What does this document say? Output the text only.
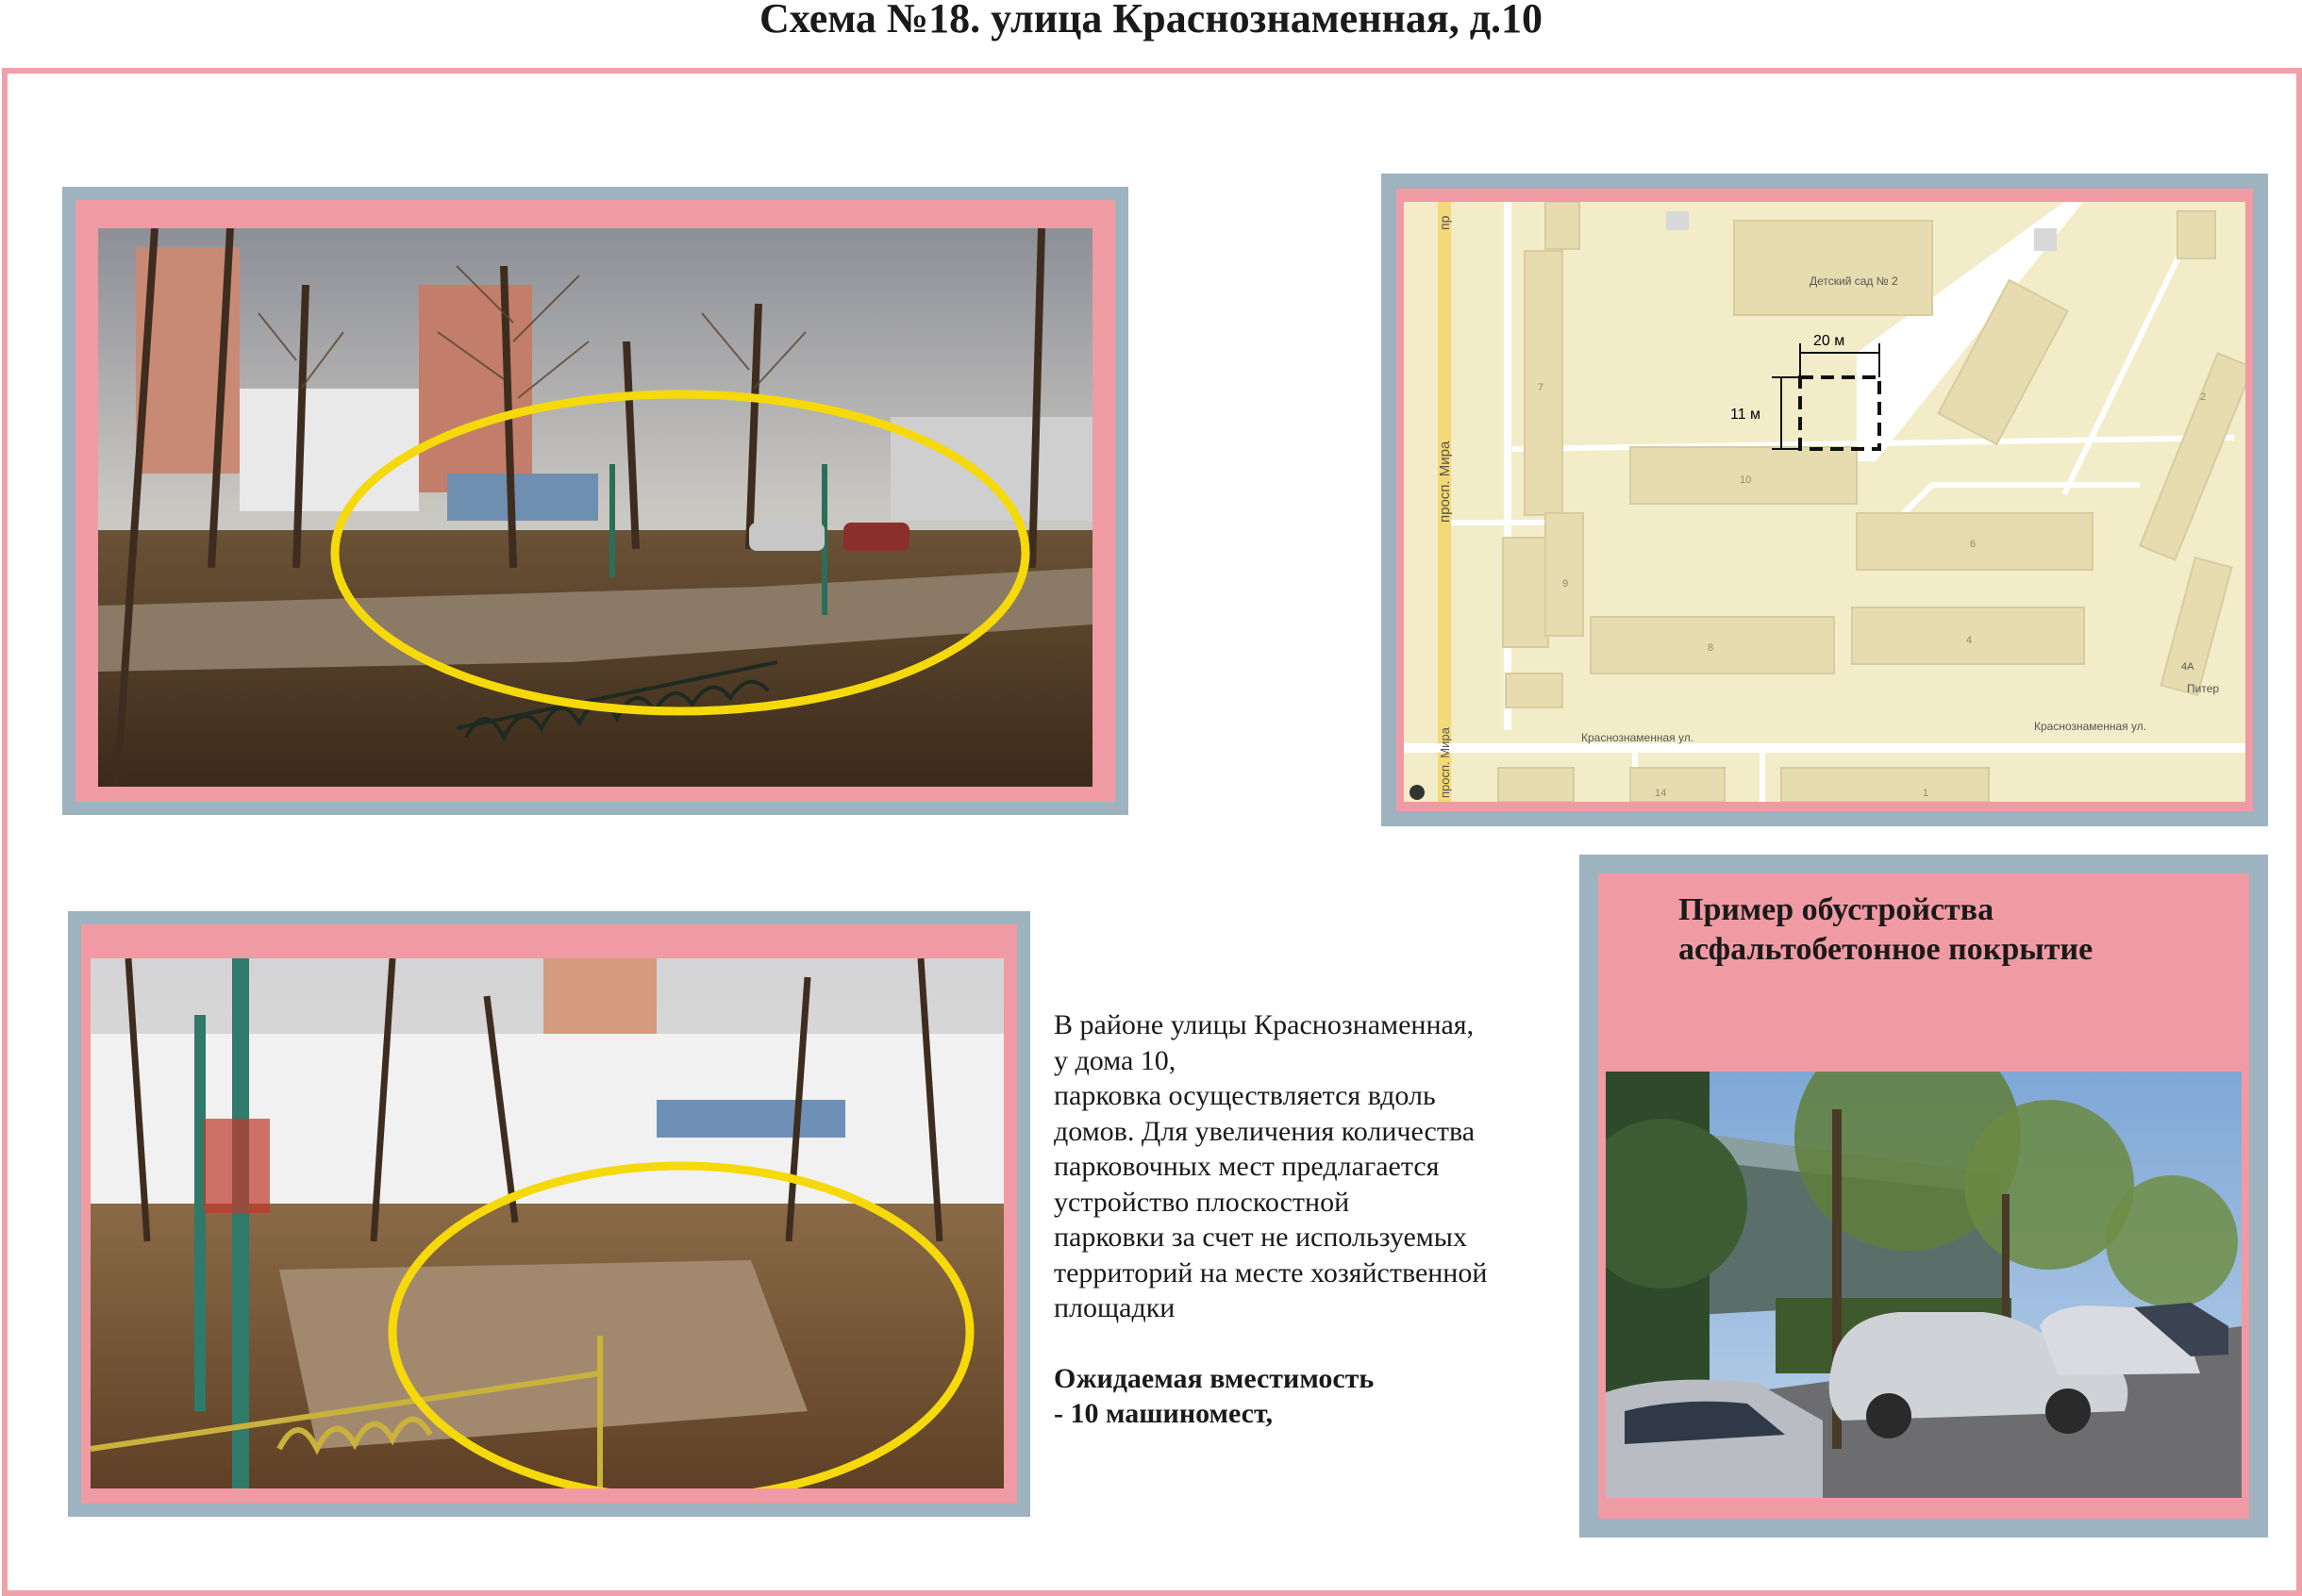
Схема №18. улица Краснознаменная, д.10
20 м
11 м
Детский сад № 2
просп. Мира
пр
просп. Мира	Краснознаменная ул.
Краснознаменная ул.
10
6
8
4
9
7
2
1
14
4А
Питер

В районе улицы Краснознаменная,

у дома 10,

парковка осуществляется вдоль

домов. Для увеличения количества

парковочных мест предлагается

устройство плоскостной

парковки за счет не используемых

территорий на месте хозяйственной

площадки

Ожидаемая вместимость

- 10 машиномест,

Пример обустройства
асфальтобетонное покрытие
